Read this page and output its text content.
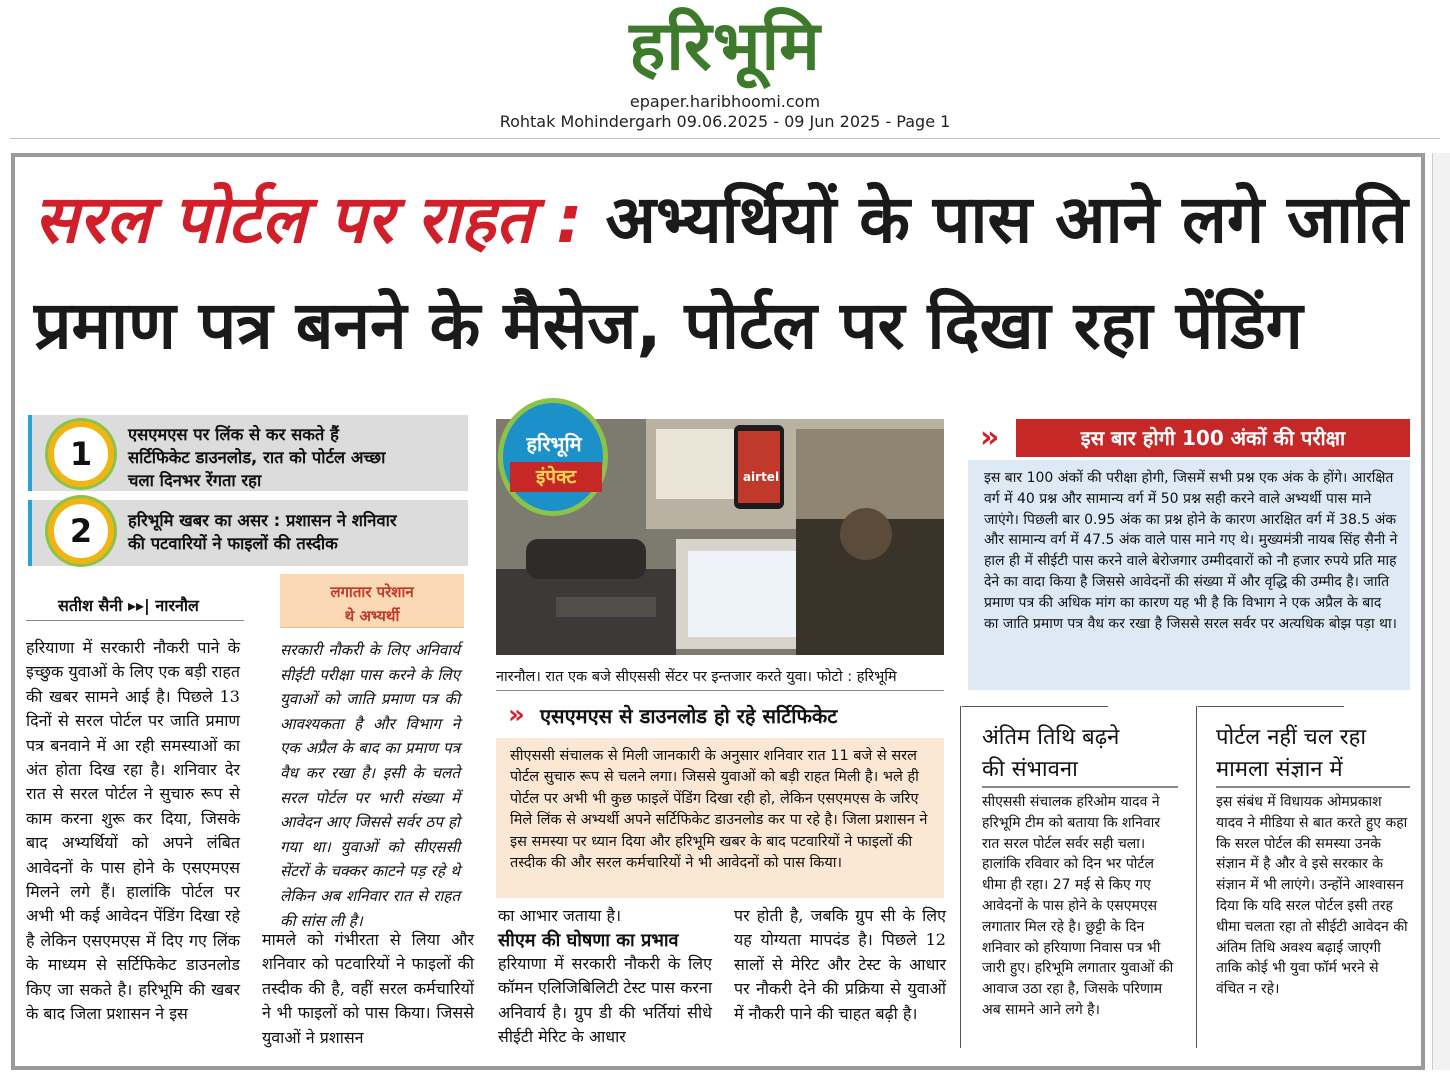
हरिभूमि
epaper.haribhoomi.com
Rohtak Mohindergarh 09.06.2025 - 09 Jun 2025 - Page 1
सरल पोर्टल पर राहत : अभ्यर्थियों के पास आने लगे जाति
प्रमाण पत्र बनने के मैसेज, पोर्टल पर दिखा रहा पेंडिंग
1
एसएमएस पर लिंक से कर सकते हैं
सर्टिफिकेट डाउनलोड, रात को पोर्टल अच्छा
चला दिनभर रेंगता रहा
2	हरिभूमि खबर का असर : प्रशासन ने शनिवार
की पटवारियों ने फाइलों की तस्दीक
सतीश सैनी ▸▸| नारनौल
हरियाणा में सरकारी नौकरी पाने के इच्छुक युवाओं के लिए एक बड़ी राहत की खबर सामने आई है। पिछले 13 दिनों से सरल पोर्टल पर जाति प्रमाण पत्र बनवाने में आ रही समस्याओं का अंत होता दिख रहा है। शनिवार देर रात से सरल पोर्टल ने सुचारु रूप से काम करना शुरू कर दिया, जिसके बाद अभ्यर्थियों को अपने लंबित आवेदनों के पास होने के एसएमएस मिलने लगे हैं। हालांकि पोर्टल पर अभी भी कई आवेदन पेंडिंग दिखा रहे है लेकिन एसएमएस में दिए गए लिंक के माध्यम से सर्टिफिकेट डाउनलोड किए जा सकते है। हरिभूमि की खबर के बाद जिला प्रशासन ने इस
लगातार परेशान
थे अभ्यर्थी
सरकारी नौकरी के लिए अनिवार्य सीईटी परीक्षा पास करने के लिए युवाओं को जाति प्रमाण पत्र की आवश्यकता है और विभाग ने एक अप्रैल के बाद का प्रमाण पत्र वैध कर रखा है। इसी के चलते सरल पोर्टल पर भारी संख्या में आवेदन आए जिससे सर्वर ठप हो गया था। युवाओं को सीएससी सेंटरों के चक्कर काटने पड़ रहे थे लेकिन अब शनिवार रात से राहत की सांस ली है।
मामले को गंभीरता से लिया और शनिवार को पटवारियों ने फाइलों की तस्दीक की है, वहीं सरल कर्मचारियों ने भी फाइलों को पास किया। जिससे युवाओं ने प्रशासन
हरिभूमि
इंपेक्ट	airtel
नारनौल। रात एक बजे सीएससी सेंटर पर इन्तजार करते युवा। फोटो : हरिभूमि
» एसएमएस से डाउनलोड हो रहे सर्टिफिकेट
सीएससी संचालक से मिली जानकारी के अनुसार शनिवार रात 11 बजे से सरल पोर्टल सुचारु रूप से चलने लगा। जिससे युवाओं को बड़ी राहत मिली है। भले ही पोर्टल पर अभी भी कुछ फाइलें पेंडिंग दिखा रही हो, लेकिन एसएमएस के जरिए मिले लिंक से अभ्यर्थी अपने सर्टिफिकेट डाउनलोड कर पा रहे है। जिला प्रशासन ने इस समस्या पर ध्यान दिया और हरिभूमि खबर के बाद पटवारियों ने फाइलों की तस्दीक की और सरल कर्मचारियों ने भी आवेदनों को पास किया।
का आभार जताया है।
सीएम की घोषणा का प्रभाव
हरियाणा में सरकारी नौकरी के लिए कॉमन एलिजिबिलिटी टेस्ट पास करना अनिवार्य है। ग्रुप डी की भर्तियां सीधे सीईटी मेरिट के आधार
पर होती है, जबकि ग्रुप सी के लिए यह योग्यता मापदंड है। पिछले 12 सालों से मेरिट और टेस्ट के आधार पर नौकरी देने की प्रक्रिया से युवाओं में नौकरी पाने की चाहत बढ़ी है।
»	इस बार होगी 100 अंकों की परीक्षा
इस बार 100 अंकों की परीक्षा होगी, जिसमें सभी प्रश्न एक अंक के होंगे। आरक्षित वर्ग में 40 प्रश्न और सामान्य वर्ग में 50 प्रश्न सही करने वाले अभ्यर्थी पास माने जाएंगे। पिछली बार 0.95 अंक का प्रश्न होने के कारण आरक्षित वर्ग में 38.5 अंक और सामान्य वर्ग में 47.5 अंक वाले पास माने गए थे। मुख्यमंत्री नायब सिंह सैनी ने हाल ही में सीईटी पास करने वाले बेरोजगार उम्मीदवारों को नौ हजार रुपये प्रति माह देने का वादा किया है जिससे आवेदनों की संख्या में और वृद्धि की उम्मीद है। जाति प्रमाण पत्र की अधिक मांग का कारण यह भी है कि विभाग ने एक अप्रैल के बाद का जाति प्रमाण पत्र वैध कर रखा है जिससे सरल सर्वर पर अत्यधिक बोझ पड़ा था।
अंतिम तिथि बढ़ने
की संभावना
सीएससी संचालक हरिओम यादव ने हरिभूमि टीम को बताया कि शनिवार रात सरल पोर्टल सर्वर सही चला। हालांकि रविवार को दिन भर पोर्टल धीमा ही रहा। 27 मई से किए गए आवेदनों के पास होने के एसएमएस लगातार मिल रहे है। छुट्टी के दिन शनिवार को हरियाणा निवास पत्र भी जारी हुए। हरिभूमि लगातार युवाओं की आवाज उठा रहा है, जिसके परिणाम अब सामने आने लगे है।
पोर्टल नहीं चल रहा
मामला संज्ञान में
इस संबंध में विधायक ओमप्रकाश यादव ने मीडिया से बात करते हुए कहा कि सरल पोर्टल की समस्या उनके संज्ञान में है और वे इसे सरकार के संज्ञान में भी लाएंगे। उन्होंने आश्वासन दिया कि यदि सरल पोर्टल इसी तरह धीमा चलता रहा तो सीईटी आवेदन की अंतिम तिथि अवश्य बढ़ाई जाएगी ताकि कोई भी युवा फॉर्म भरने से वंचित न रहे।
